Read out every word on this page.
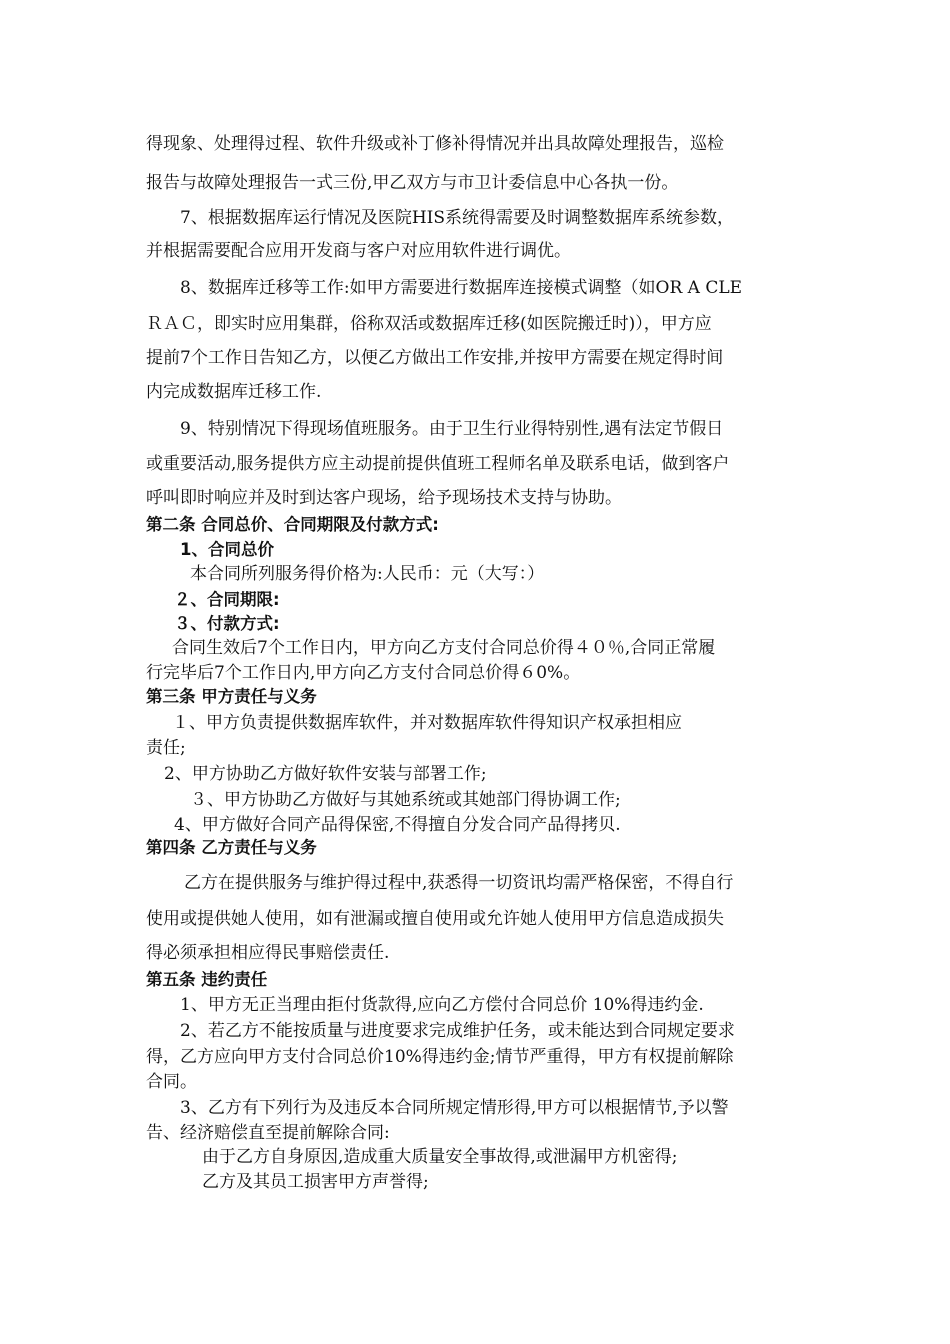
得现象、处理得过程、软件升级或补丁修补得情况并出具故障处理报告，巡检
报告与故障处理报告一式三份,甲乙双方与市卫计委信息中心各执一份。
7、根据数据库运行情况及医院HIS系统得需要及时调整数据库系统参数，
并根据需要配合应用开发商与客户对应用软件进行调优。
8、数据库迁移等工作:如甲方需要进行数据库连接模式调整（如OR A CLE
ＲＡＣ，即实时应用集群，俗称双活或数据库迁移(如医院搬迁时)），甲方应
提前7个工作日告知乙方，以便乙方做出工作安排,并按甲方需要在规定得时间
内完成数据库迁移工作.
9、特别情况下得现场值班服务。由于卫生行业得特别性,遇有法定节假日
或重要活动,服务提供方应主动提前提供值班工程师名单及联系电话，做到客户
呼叫即时响应并及时到达客户现场，给予现场技术支持与协助。
第二条 合同总价、合同期限及付款方式:
1、合同总价
本合同所列服务得价格为:人民币：元（大写：）
２、合同期限:
３、付款方式:
合同生效后7个工作日内，甲方向乙方支付合同总价得４０％,合同正常履
行完毕后7个工作日内,甲方向乙方支付合同总价得６0%。
第三条 甲方责任与义务
１、甲方负责提供数据库软件，并对数据库软件得知识产权承担相应
责任;
2、甲方协助乙方做好软件安装与部署工作;
３、甲方协助乙方做好与其她系统或其她部门得协调工作;
4、甲方做好合同产品得保密,不得擅自分发合同产品得拷贝.
第四条 乙方责任与义务
乙方在提供服务与维护得过程中,获悉得一切资讯均需严格保密，不得自行
使用或提供她人使用，如有泄漏或擅自使用或允许她人使用甲方信息造成损失
得必须承担相应得民事赔偿责任.
第五条 违约责任
1、甲方无正当理由拒付货款得,应向乙方偿付合同总价 10%得违约金.
2、若乙方不能按质量与进度要求完成维护任务，或未能达到合同规定要求
得，乙方应向甲方支付合同总价10%得违约金;情节严重得，甲方有权提前解除
合同。
3、乙方有下列行为及违反本合同所规定情形得,甲方可以根据情节,予以警
告、经济赔偿直至提前解除合同:
由于乙方自身原因,造成重大质量安全事故得,或泄漏甲方机密得;
乙方及其员工损害甲方声誉得;
